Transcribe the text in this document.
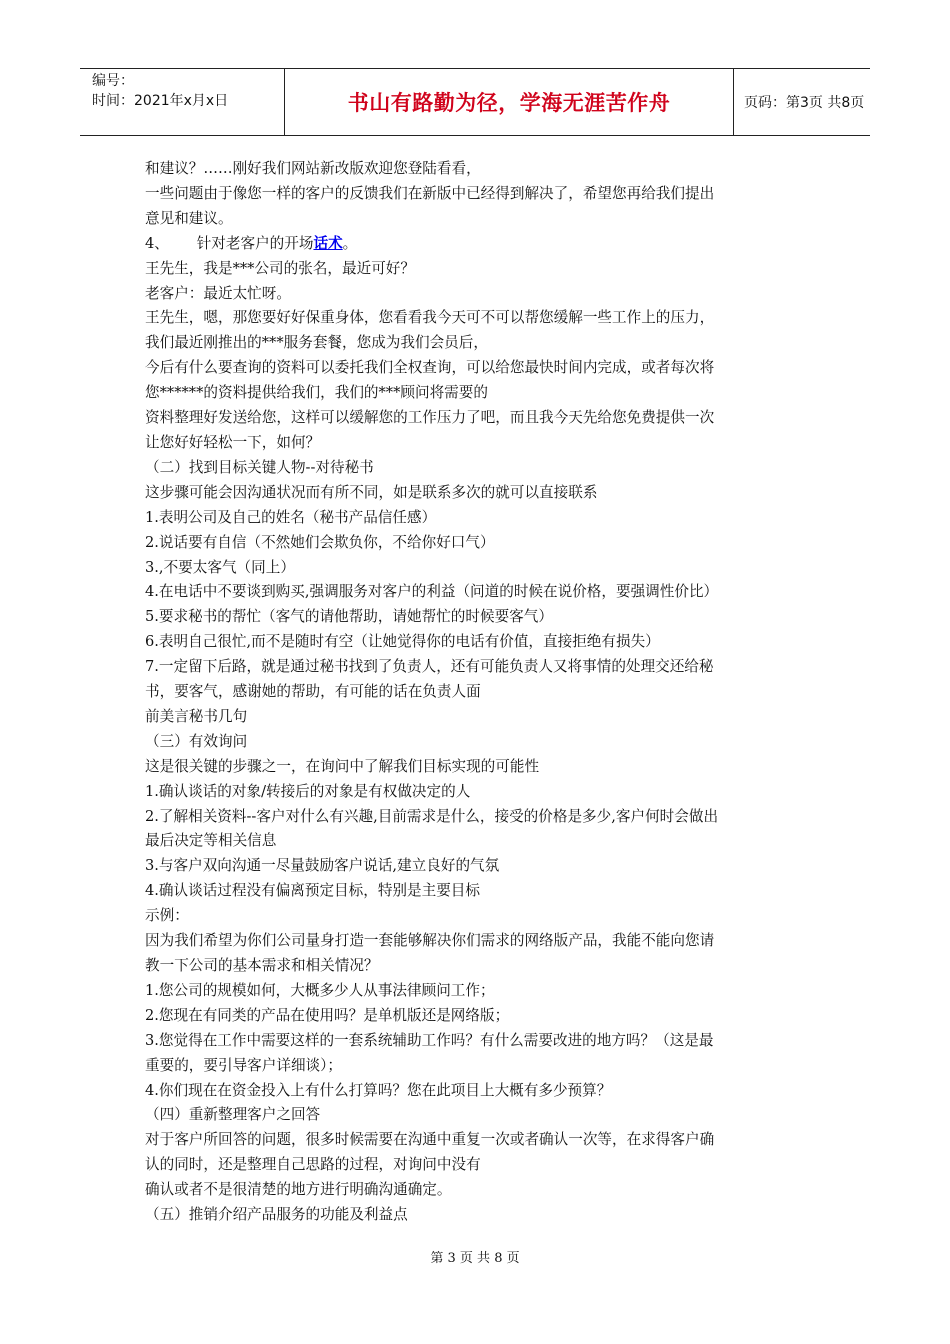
编号：
时间：2021年x月x日	书山有路勤为径，学海无涯苦作舟	页码：第3页 共8页

和建议？……刚好我们网站新改版欢迎您登陆看看，

一些问题由于像您一样的客户的反馈我们在新版中已经得到解决了，希望您再给我们提出

意见和建议。

4、      针对老客户的开场话术。

王先生，我是***公司的张名，最近可好？

老客户：最近太忙呀。

王先生，嗯，那您要好好保重身体，您看看我今天可不可以帮您缓解一些工作上的压力，

我们最近刚推出的***服务套餐，您成为我们会员后，

今后有什么要查询的资料可以委托我们全权查询，可以给您最快时间内完成，或者每次将

您******的资料提供给我们，我们的***顾问将需要的

资料整理好发送给您，这样可以缓解您的工作压力了吧，而且我今天先给您免费提供一次

让您好好轻松一下，如何？

（二）找到目标关键人物--对待秘书

这步骤可能会因沟通状况而有所不同，如是联系多次的就可以直接联系

1.表明公司及自己的姓名（秘书产品信任感）

2.说话要有自信（不然她们会欺负你，不给你好口气）

3.,不要太客气（同上）

4.在电话中不要谈到购买,强调服务对客户的利益（问道的时候在说价格，要强调性价比）

5.要求秘书的帮忙（客气的请他帮助，请她帮忙的时候要客气）

6.表明自己很忙,而不是随时有空（让她觉得你的电话有价值，直接拒绝有损失）

7.一定留下后路，就是通过秘书找到了负责人，还有可能负责人又将事情的处理交还给秘

书，要客气，感谢她的帮助，有可能的话在负责人面

前美言秘书几句

（三）有效询问

这是很关键的步骤之一，在询问中了解我们目标实现的可能性

1.确认谈话的对象/转接后的对象是有权做决定的人

2.了解相关资料--客户对什么有兴趣,目前需求是什么，接受的价格是多少,客户何时会做出

最后决定等相关信息

3.与客户双向沟通一尽量鼓励客户说话,建立良好的气氛

4.确认谈话过程没有偏离预定目标，特别是主要目标

示例：

因为我们希望为你们公司量身打造一套能够解决你们需求的网络版产品，我能不能向您请

教一下公司的基本需求和相关情况？

1.您公司的规模如何，大概多少人从事法律顾问工作；

2.您现在有同类的产品在使用吗？是单机版还是网络版；

3.您觉得在工作中需要这样的一套系统辅助工作吗？有什么需要改进的地方吗？（这是最

重要的，要引导客户详细谈）；

4.你们现在在资金投入上有什么打算吗？您在此项目上大概有多少预算？

（四）重新整理客户之回答

对于客户所回答的问题，很多时候需要在沟通中重复一次或者确认一次等，在求得客户确

认的同时，还是整理自己思路的过程，对询问中没有

确认或者不是很清楚的地方进行明确沟通确定。

（五）推销介绍产品服务的功能及利益点

第 3 页 共 8 页
